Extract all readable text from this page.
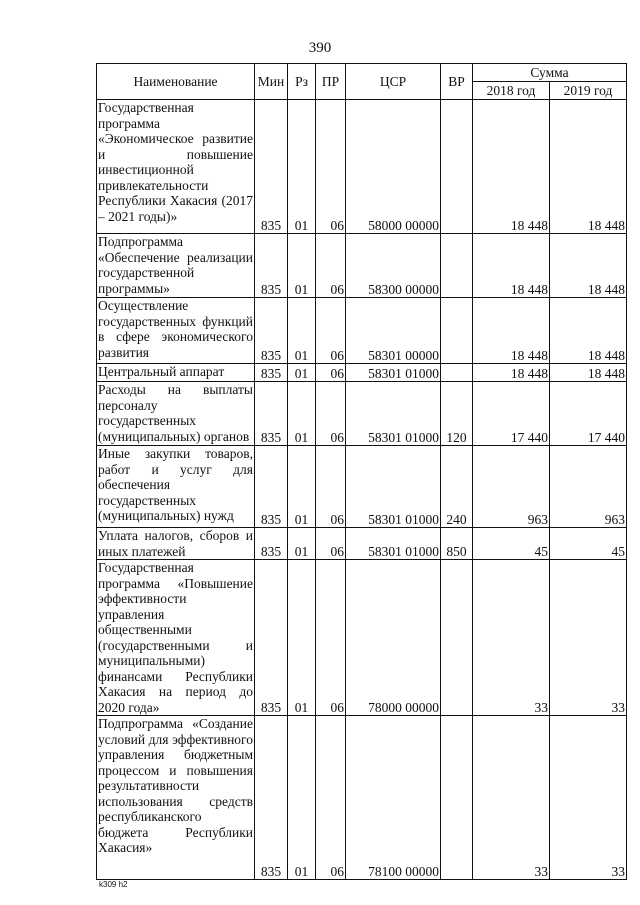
390
Наименование	Мин	Рз	ПР	ЦСР	ВР	Сумма	
						2018 год	2019 год
Государственная программа «Экономическое развитие и повышение инвестиционной привлекательности Республики Хакасия (2017 – 2021 годы)»	835	01	06	58000 00000		18 448	18 448
Подпрограмма «Обеспечение реализации государственной программы»	835	01	06	58300 00000		18 448	18 448
Осуществление государственных функций в сфере экономического развития	835	01	06	58301 00000		18 448	18 448
Центральный аппарат	835	01	06	58301 01000		18 448	18 448
Расходы на выплаты персоналу государственных (муниципальных) органов	835	01	06	58301 01000	120	17 440	17 440
Иные закупки товаров, работ и услуг для обеспечения государственных (муниципальных) нужд	835	01	06	58301 01000	240	963	963
Уплата налогов, сборов и иных платежей	835	01	06	58301 01000	850	45	45
Государственная программа «Повышение эффективности управления общественными (государственными и муниципальными) финансами Республики Хакасия на период до 2020 года»	835	01	06	78000 00000		33	33
Подпрограмма «Создание условий для эффективного управления бюджетным процессом и повышения результативности использования средств республиканского бюджета Республики Хакасия»	835	01	06	78100 00000		33	33
k309 h2
